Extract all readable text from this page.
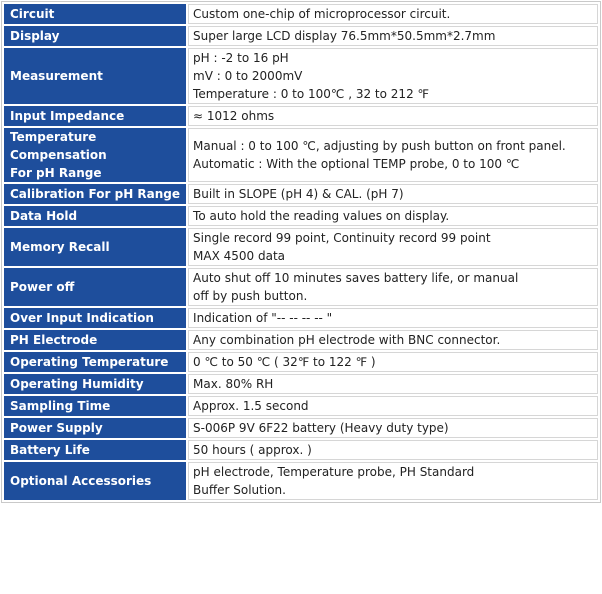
Circuit	Custom one-chip of microprocessor circuit.

Display	Super large LCD display 76.5mm*50.5mm*2.7mm

Measurement	pH : -2 to 16 pH
mV : 0 to 2000mV
Temperature : 0 to 100℃ , 32 to 212 ℉

Input Impedance	≈ 1012 ohms

Temperature
Compensation
For pH Range	Manual : 0 to 100 ℃, adjusting by push button on front panel.
Automatic : With the optional TEMP probe, 0 to 100 ℃

Calibration For pH Range	Built in SLOPE (pH 4) & CAL. (pH 7)

Data Hold	To auto hold the reading values on display.

Memory Recall	Single record 99 point, Continuity record 99 point
MAX 4500 data

Power off	Auto shut off 10 minutes saves battery life, or manual
off by push button.

Over Input Indication	Indication of "-- -- -- -- "

PH Electrode	Any combination pH electrode with BNC connector.

Operating Temperature	0 ℃ to 50 ℃ ( 32℉ to 122 ℉ )

Operating Humidity	Max. 80% RH

Sampling Time	Approx. 1.5 second

Power Supply	S-006P 9V 6F22 battery (Heavy duty type)

Battery Life	50 hours ( approx. )

Optional Accessories	pH electrode, Temperature probe, PH Standard
Buffer Solution.
